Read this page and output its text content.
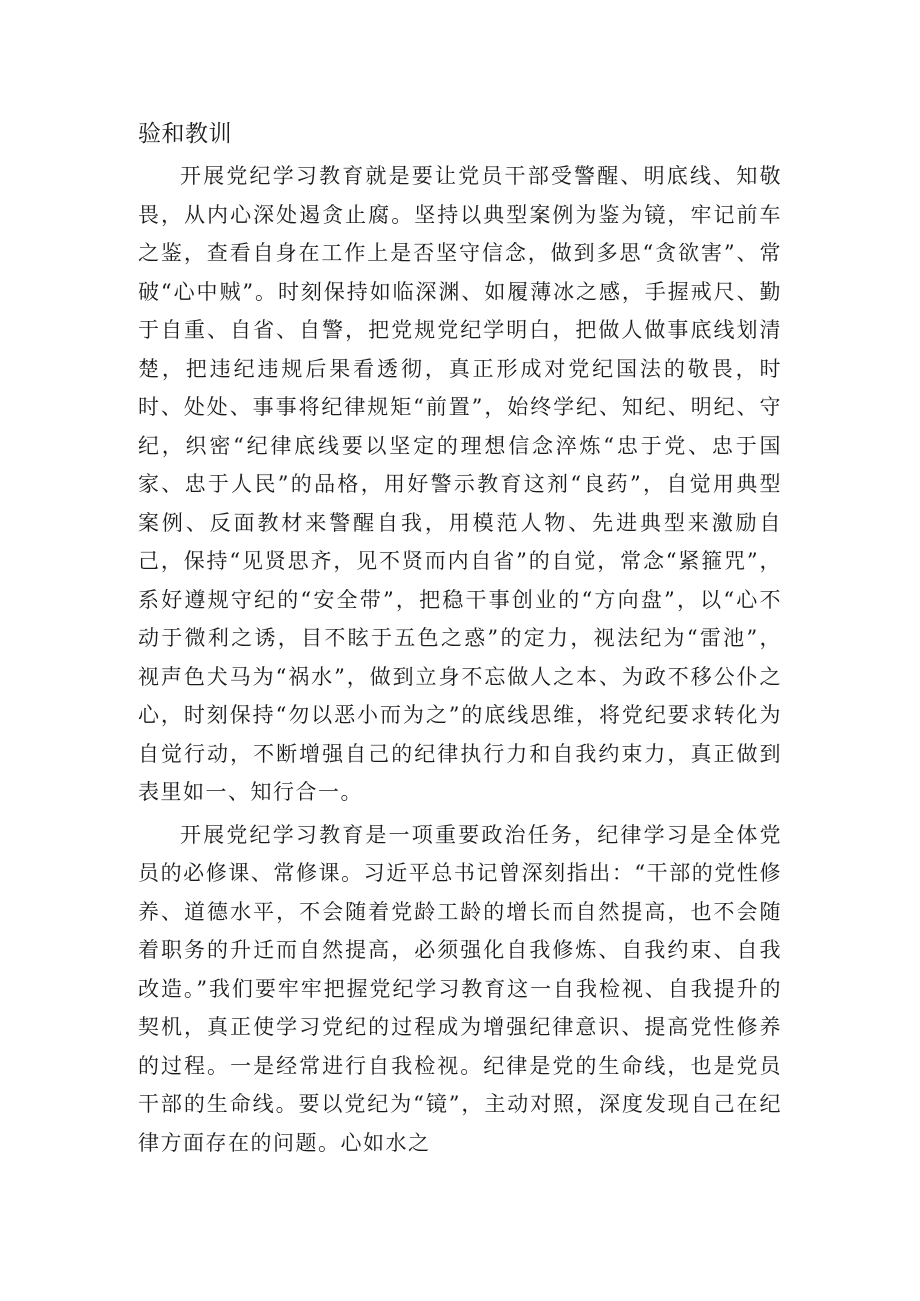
验和教训

开展党纪学习教育就是要让党员干部受警醒、明底线、知敬畏，从内心深处遏贪止腐。坚持以典型案例为鉴为镜，牢记前车之鉴，查看自身在工作上是否坚守信念，做到多思“贪欲害”、常破“心中贼”。时刻保持如临深渊、如履薄冰之感，手握戒尺、勤于自重、自省、自警，把党规党纪学明白，把做人做事底线划清楚，把违纪违规后果看透彻，真正形成对党纪国法的敬畏，时时、处处、事事将纪律规矩“前置”，始终学纪、知纪、明纪、守纪，织密“纪律底线要以坚定的理想信念淬炼“忠于党、忠于国家、忠于人民”的品格，用好警示教育这剂“良药”，自觉用典型案例、反面教材来警醒自我，用模范人物、先进典型来激励自己，保持“见贤思齐，见不贤而内自省”的自觉，常念“紧箍咒”，系好遵规守纪的“安全带”，把稳干事创业的“方向盘”，以“心不动于微利之诱，目不眩于五色之惑”的定力，视法纪为“雷池”，视声色犬马为“祸水”，做到立身不忘做人之本、为政不移公仆之心，时刻保持“勿以恶小而为之”的底线思维，将党纪要求转化为自觉行动，不断增强自己的纪律执行力和自我约束力，真正做到表里如一、知行合一。

开展党纪学习教育是一项重要政治任务，纪律学习是全体党员的必修课、常修课。习近平总书记曾深刻指出：“干部的党性修养、道德水平，不会随着党龄工龄的增长而自然提高，也不会随着职务的升迁而自然提高，必须强化自我修炼、自我约束、自我改造。”我们要牢牢把握党纪学习教育这一自我检视、自我提升的契机，真正使学习党纪的过程成为增强纪律意识、提高党性修养的过程。一是经常进行自我检视。纪律是党的生命线，也是党员干部的生命线。要以党纪为“镜”，主动对照，深度发现自己在纪律方面存在的问题。心如水之
